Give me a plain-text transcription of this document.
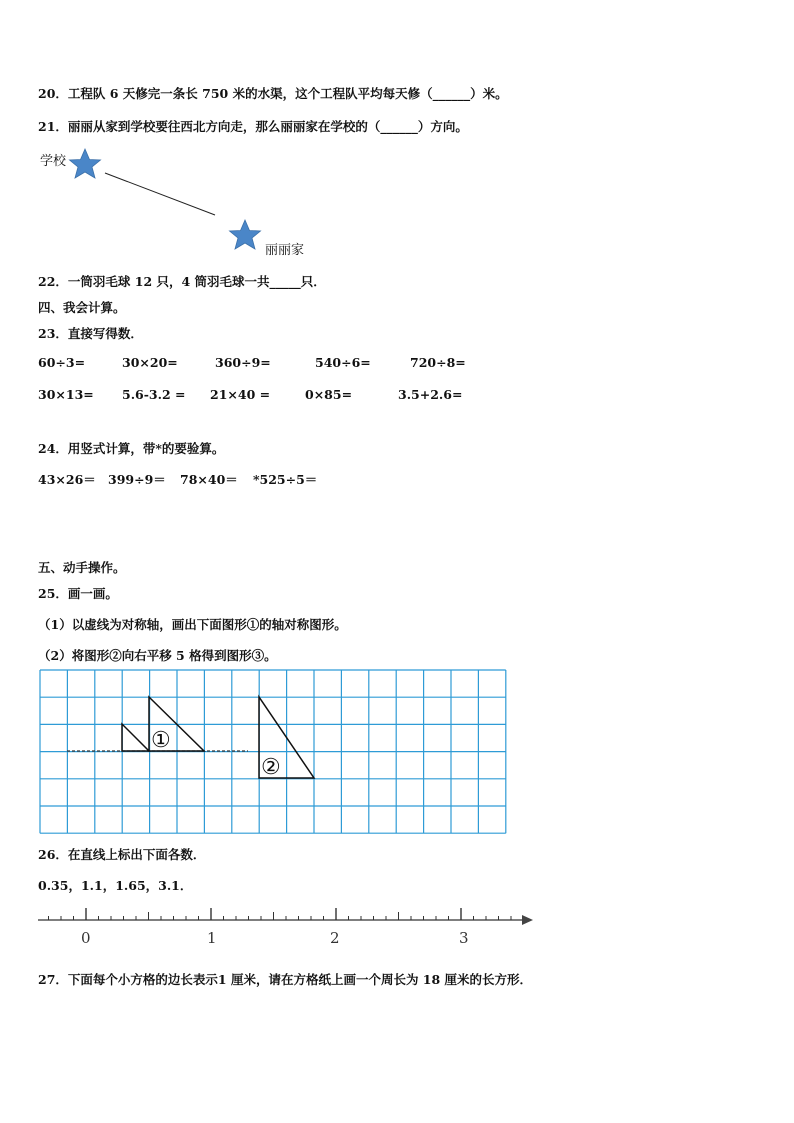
20．工程队 6 天修完一条长 750 米的水渠，这个工程队平均每天修（______）米。
21．丽丽从家到学校要往西北方向走，那么丽丽家在学校的（______）方向。
学校
丽丽家
22．一筒羽毛球 12 只，4 筒羽毛球一共_____只．
四、我会计算。
23．直接写得数．
60÷3=	30×20=	360÷9=	540÷6=	720÷8=
30×13= 5.6-3.2 = 21×40 =	0×85=	3.5+2.6=
24．用竖式计算，带*的要验算。
43×26＝ 399÷9＝ 78×40＝ *525÷5＝
五、动手操作。
25．画一画。
（1）以虚线为对称轴，画出下面图形①的轴对称图形。
（2）将图形②向右平移 5 格得到图形③。
①
②
26．在直线上标出下面各数．
0.35，1.1，1.65，3.1．
0	1	2	3
27．下面每个小方格的边长表示1 厘米，请在方格纸上画一个周长为 18 厘米的长方形．
